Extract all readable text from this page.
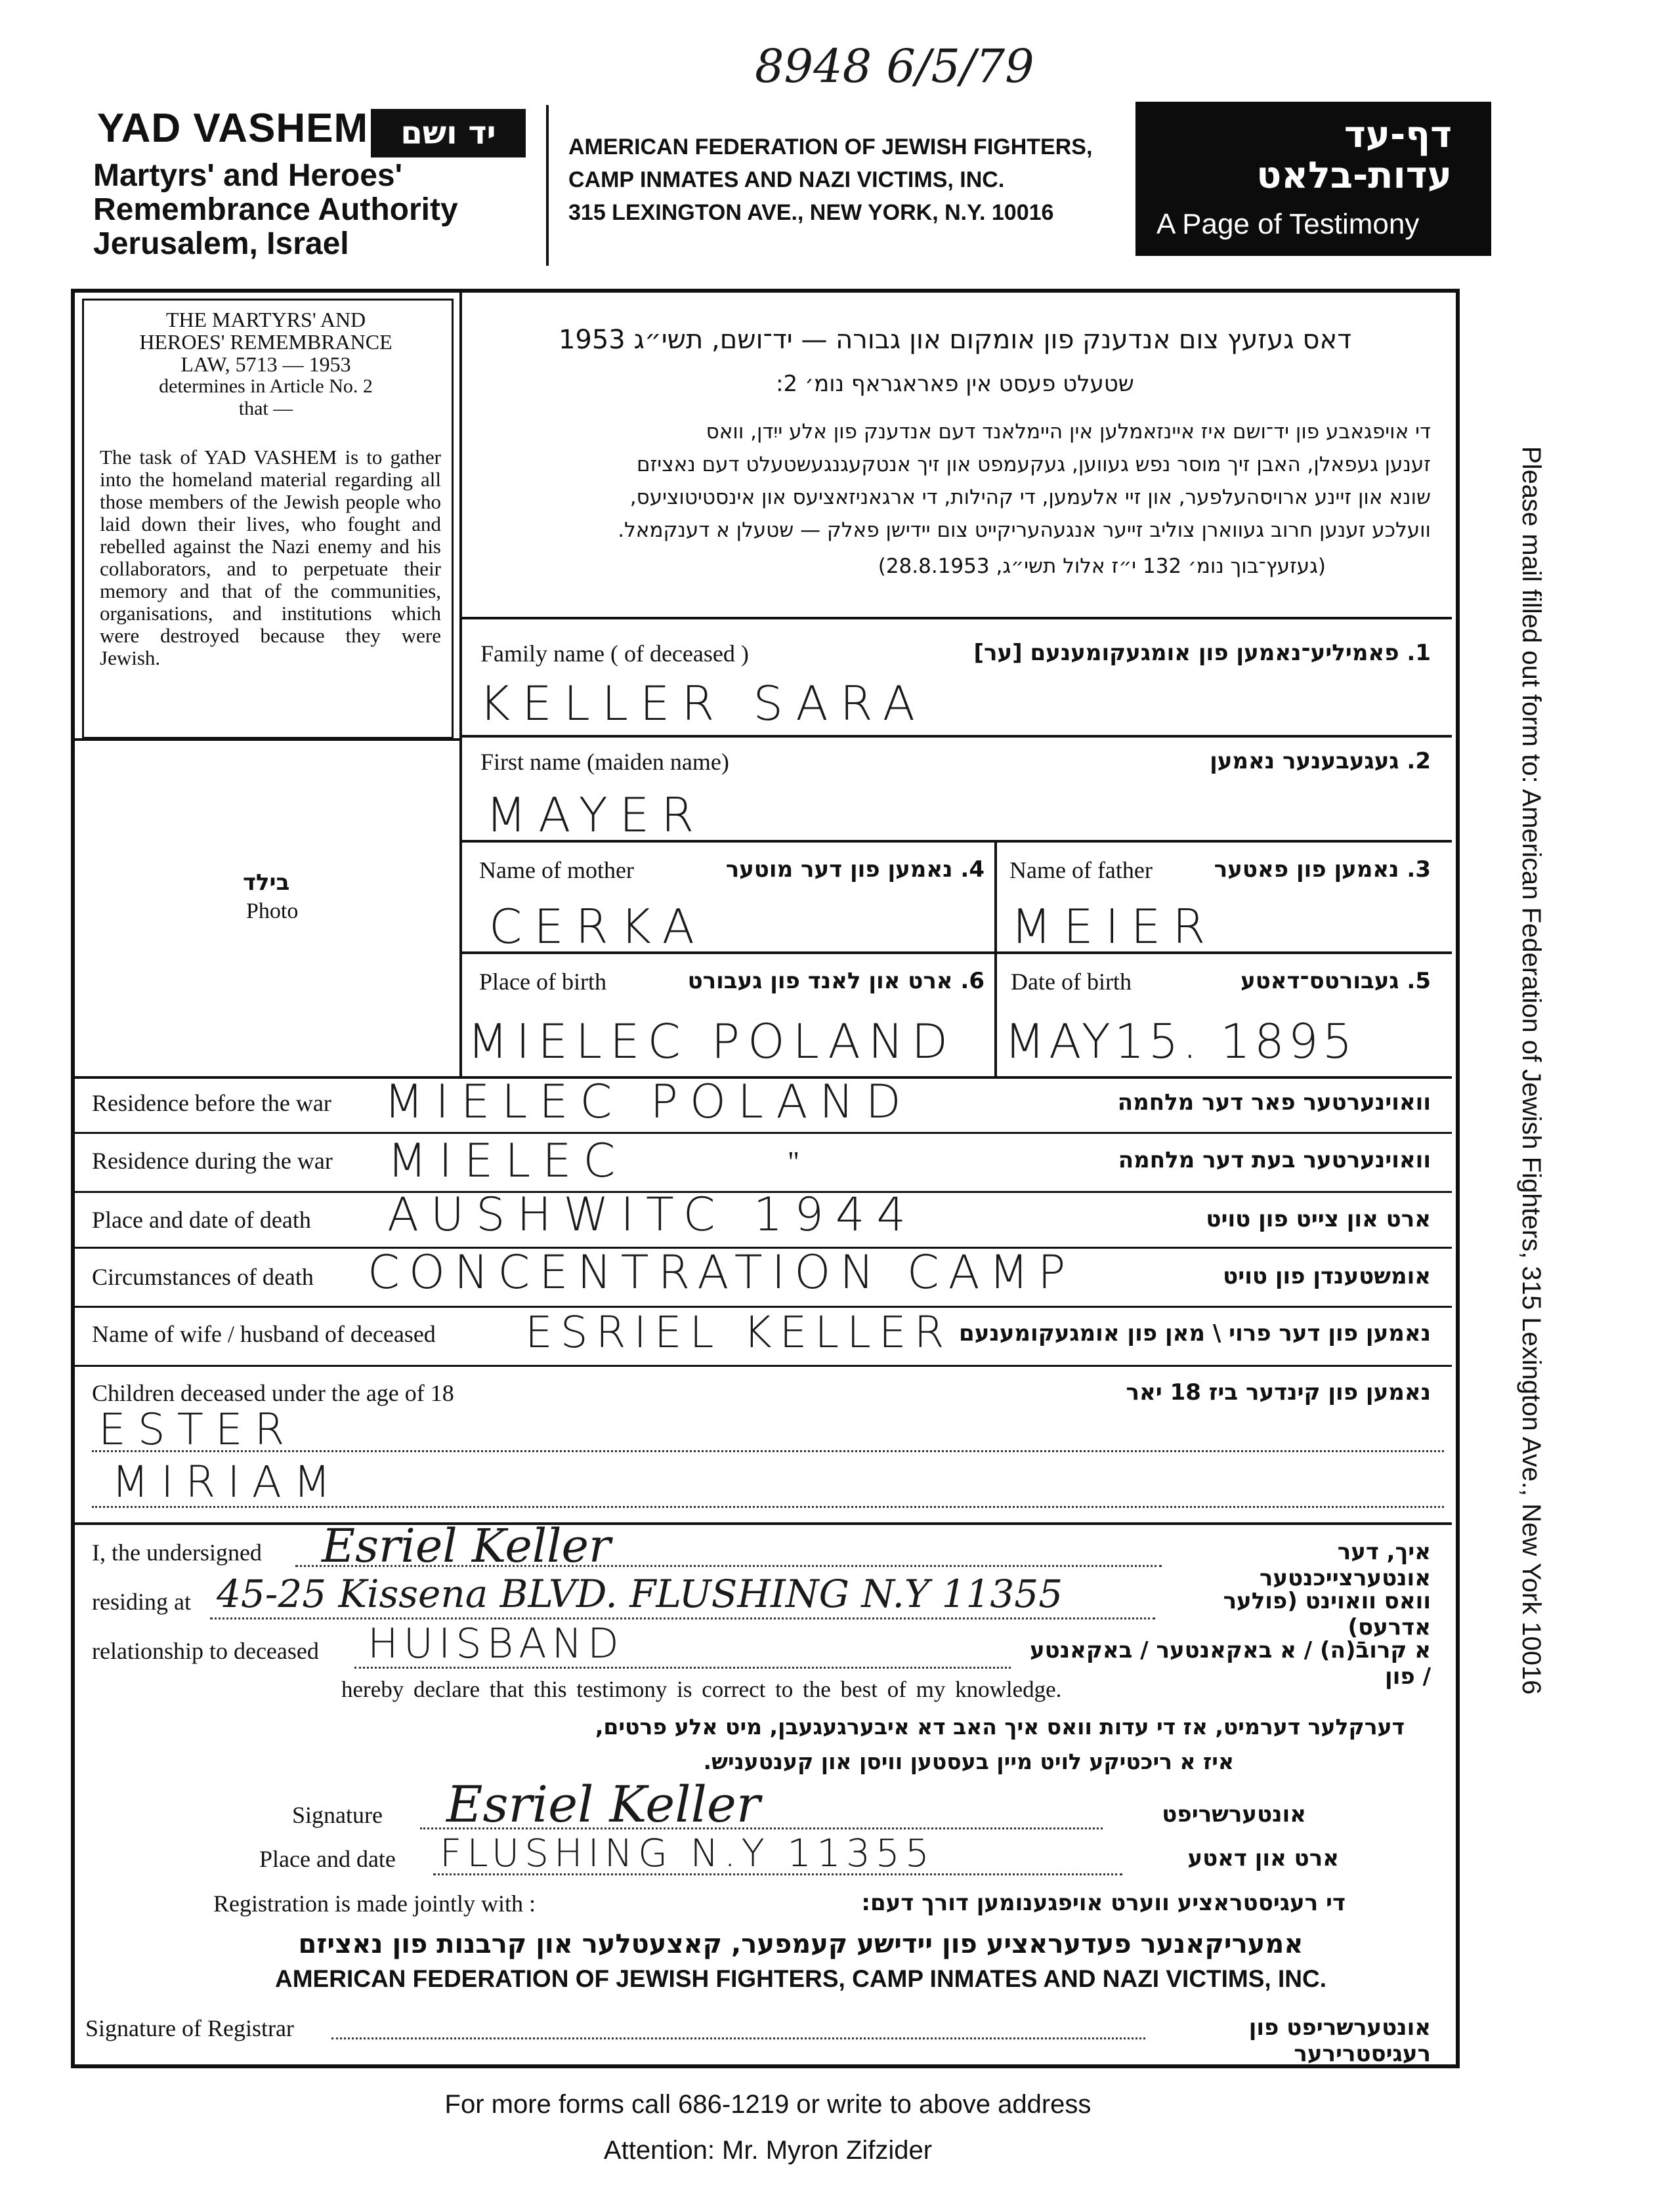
8948 6/5/79
YAD VASHEM	יד ושם
Martyrs' and Heroes'
Remembrance Authority
Jerusalem, Israel
AMERICAN FEDERATION OF JEWISH FIGHTERS,
CAMP INMATES AND NAZI VICTIMS, INC.
315 LEXINGTON AVE., NEW YORK, N.Y. 10016
דף-עד
עדות-בלאט
A Page of Testimony
Please mail filled out form to: American Federation of Jewish Fighters, 315 Lexington Ave., New York 10016
THE MARTYRS' AND
HEROES' REMEMBRANCE
LAW, 5713 — 1953
determines in Article No. 2
that —
The task of YAD VASHEM is to gather into the homeland material regarding all those members of the Jewish people who laid down their lives, who fought and rebelled against the Nazi enemy and his collaborators, and to perpetuate their memory and that of the communities, organisations, and institutions which were destroyed because they were Jewish.
בילד
Photo
דאס געזעץ צום אנדענק פון אומקום און גבורה — יד־ושם, תשי״ג 1953
שטעלט פעסט אין פאראגראף נומ׳ 2:
די אויפגאבע פון יד־ושם איז איינזאמלען אין היימלאנד דעם אנדענק פון אלע ייִדן, וואס
זענען געפאלן, האבן זיך מוסר נפש געווען, געקעמפט און זיך אנטקעגנגעשטעלט דעם נאציזם
שונא און זיינע ארויסהעלפער, און זיי אלעמען, די קהילות, די ארגאניזאציעס און אינסטיטוציעס,
וועלכע זענען חרוב געווארן צוליב זייער אנגעהעריקייט צום יידישן פאלק — שטעלן א דענקמאל.
(געזעץ־בוך נומ׳ 132 י״ז אלול תשי״ג, 28.8.1953)
Family name ( of deceased )	1. פאמיליע־נאמען פון אומגעקומענעם [ער]
KELLER SARA
First name (maiden name)	2. געגעבענער נאמען
MAYER
Name of mother	4. נאמען פון דער מוטער
CERKA
Name of father	3. נאמען פון פאטער
MEIER
Place of birth	6. ארט און לאנד פון געבורט
MIELEC POLAND
Date of birth	5. געבורטס־דאטע
MAY15. 1895
Residence before the war	וואוינערטער פאר דער מלחמה
MIELEC POLAND
Residence during the war	וואוינערטער בעת דער מלחמה
MIELEC	"
Place and date of death	ארט און צייט פון טויט
AUSHWITC 1944
Circumstances of death	אומשטענדן פון טויט
CONCENTRATION CAMP
Name of wife / husband of deceased	נאמען פון דער פרוי \ מאן פון אומגעקומענעם
ESRIEL KELLER
Children deceased under the age of 18	נאמען פון קינדער ביז 18 יאר
ESTER
MIRIAM
I, the undersigned Esriel Keller	איך, דער אונטערצייכנטער
residing at 45-25 Kissena BLVD. FLUSHING N.Y 11355	וואס וואוינט (פולער אדרעס)
relationship to deceased HUISBAND	א קרובֿ(ה) / א באקאנטער / באקאנטע / פון
hereby declare that this testimony is correct to the best of my knowledge.
דערקלער דערמיט, אז די עדות וואס איך האב דא איבערגעגעבן, מיט אלע פרטים,
איז א ריכטיקע לויט מיין בעסטען וויסן און קענטעניש.
Signature Esriel Keller	אונטערשריפט
Place and date FLUSHING N.Y 11355	ארט און דאטע
Registration is made jointly with :	די רעגיסטראציע ווערט אויפגענומען דורך דעם:
אמעריקאנער פעדעראציע פון יידישע קעמפער, קאצעטלער און קרבנות פון נאציזם
AMERICAN FEDERATION OF JEWISH FIGHTERS, CAMP INMATES AND NAZI VICTIMS, INC.
Signature of Registrar	אונטערשריפט פון רעגיסטרירער
For more forms call 686-1219 or write to above address
Attention: Mr. Myron Zifzider
